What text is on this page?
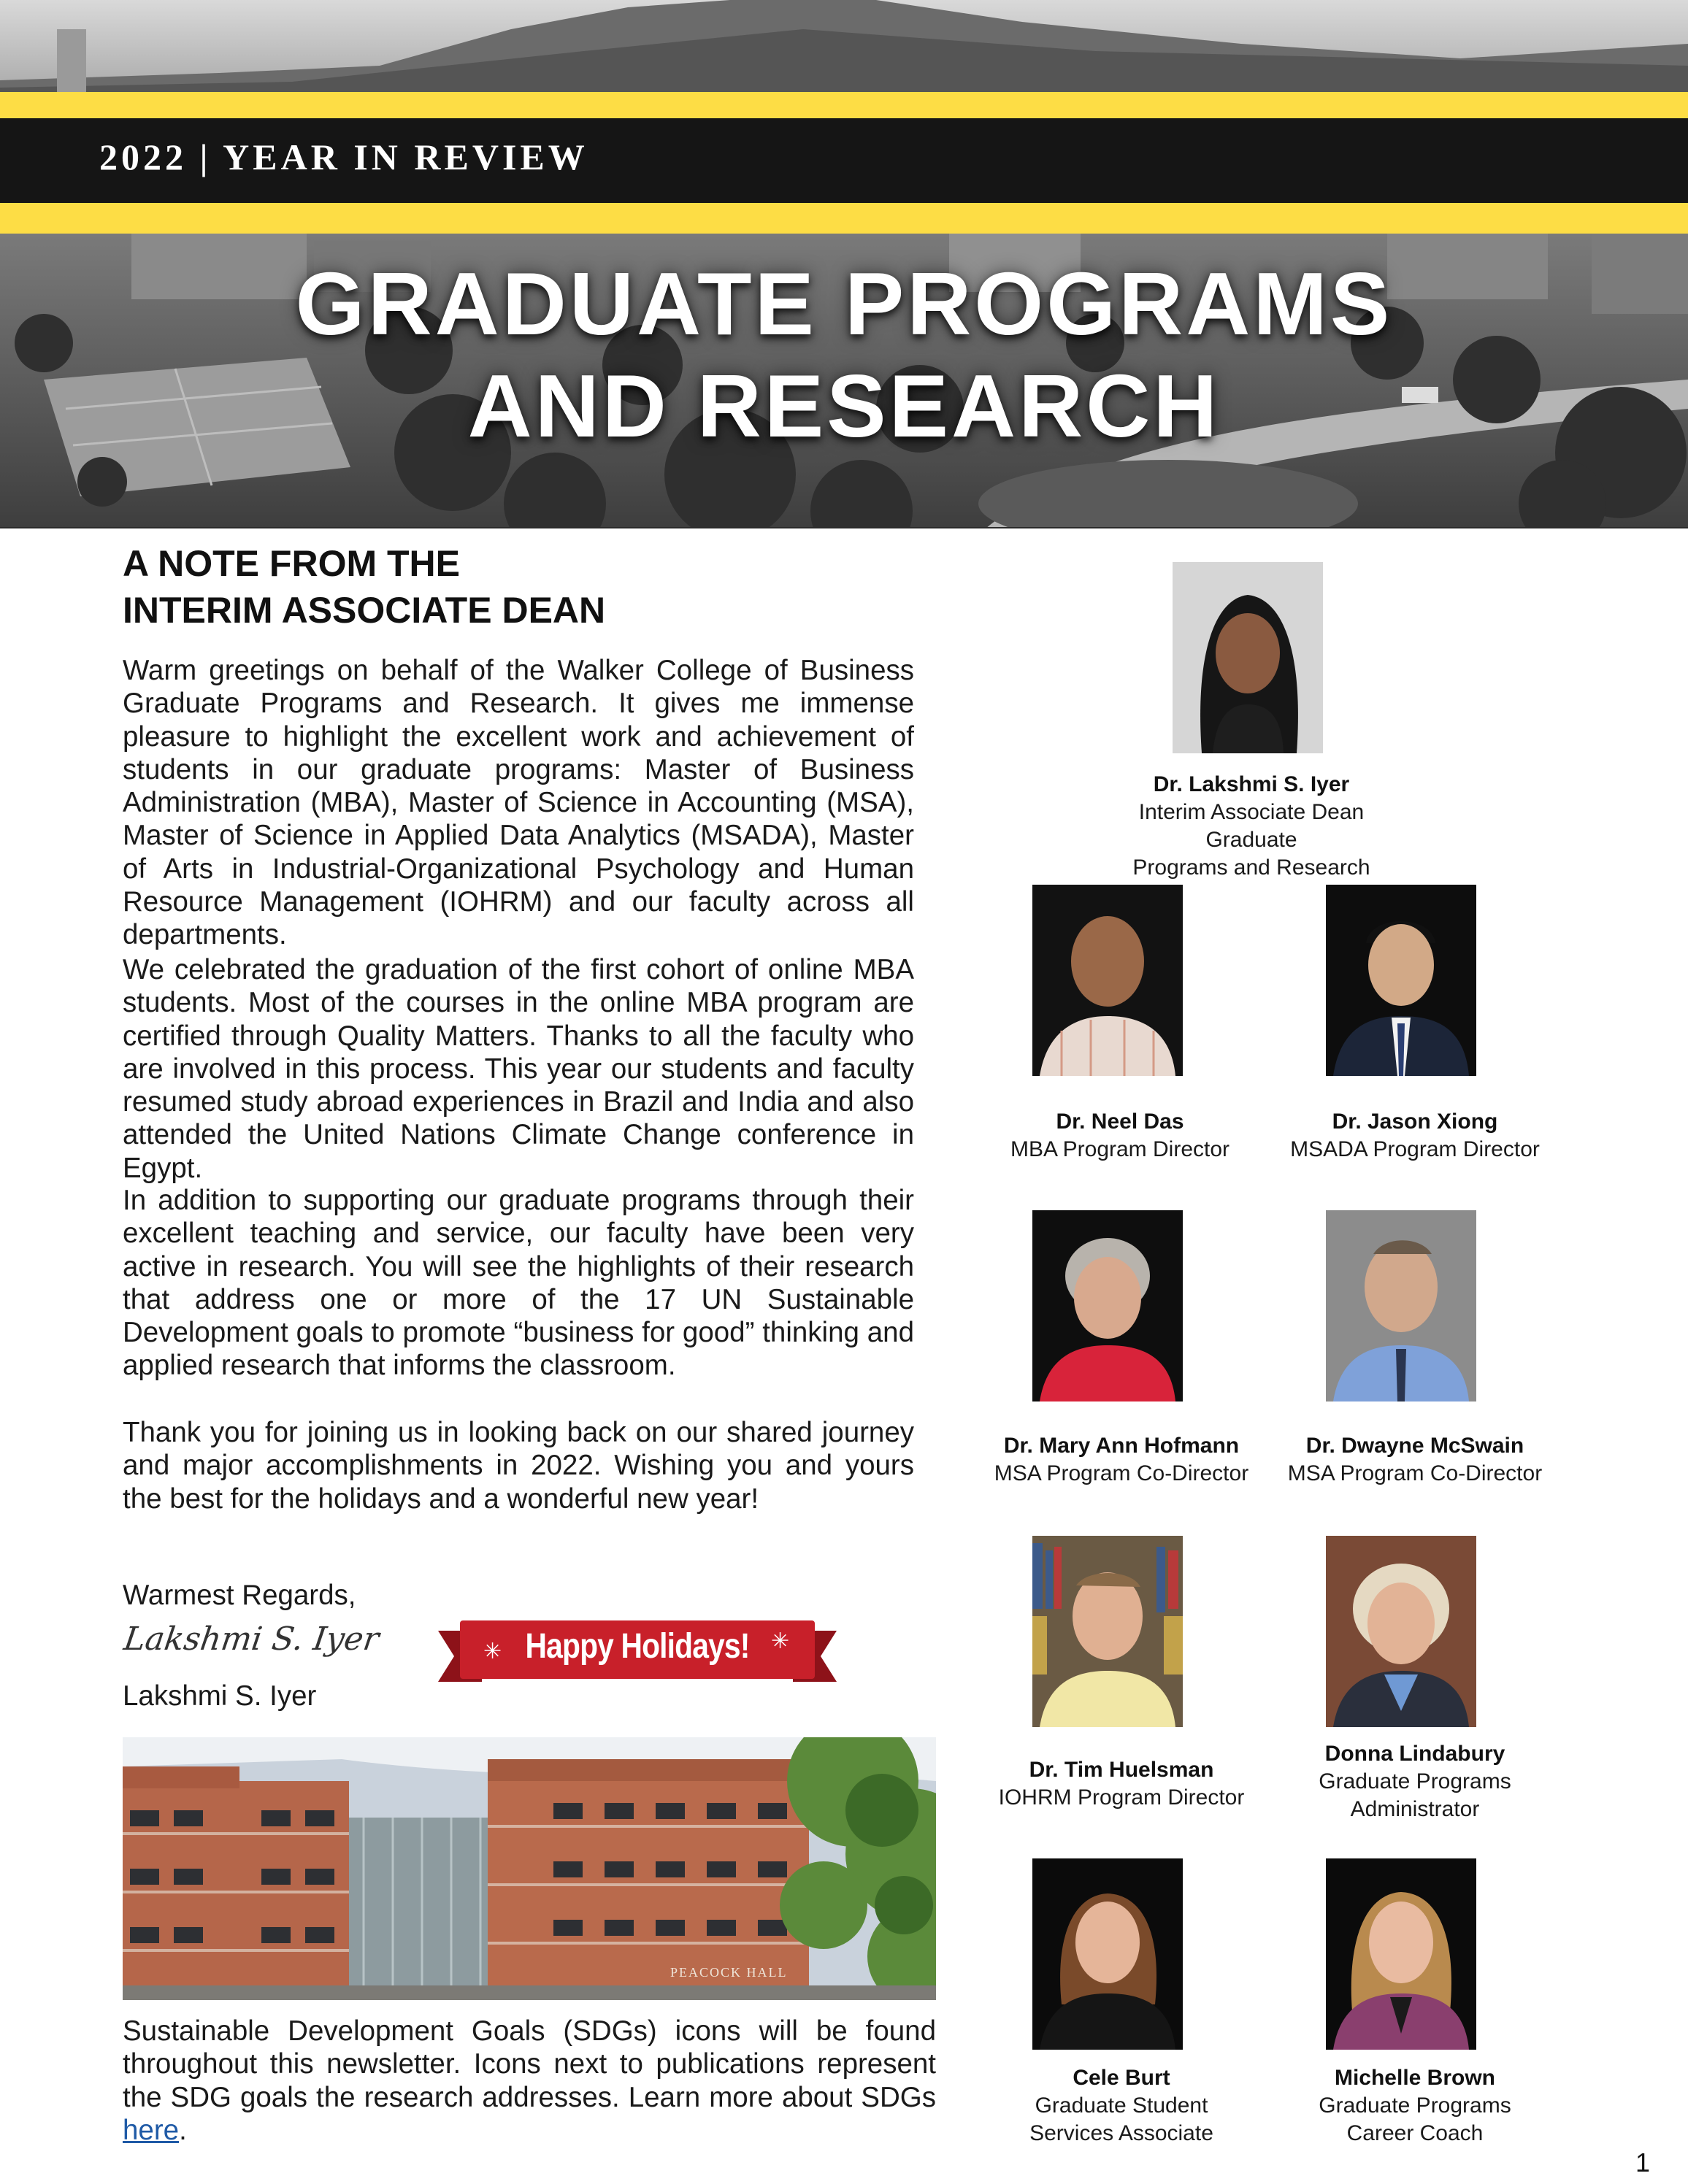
2022 | YEAR IN REVIEW
GRADUATE PROGRAMS
AND RESEARCH
A NOTE FROM THE
INTERIM ASSOCIATE DEAN

Warm greetings on behalf of the Walker College of Business Graduate Programs and Research. It gives me immense pleasure to highlight the excellent work and achievement of students in our graduate programs: Master of Business Administration (MBA), Master of Science in Accounting (MSA), Master of Science in Applied Data Analytics (MSADA), Master of Arts in Industrial-Organizational Psychology and Human Resource Management (IOHRM) and our faculty across all departments.

We celebrated the graduation of the first cohort of online MBA students. Most of the courses in the online MBA program are certified through Quality Matters. Thanks to all the faculty who are involved in this process. This year our students and faculty resumed study abroad experiences in Brazil and India and also attended the United Nations Climate Change conference in Egypt.

In addition to supporting our graduate programs through their excellent teaching and service, our faculty have been very active in research. You will see the highlights of their research that address one or more of the 17 UN Sustainable Development goals to promote “business for good” thinking and applied research that informs the classroom.

Thank you for joining us in looking back on our shared journey and major accomplishments in 2022. Wishing you and yours the best for the holidays and a wonderful new year!

Warmest Regards,
Lakshmi S. Iyer
Lakshmi S. Iyer
✳	✳
Happy Holidays!
PEACOCK HALL

Sustainable Development Goals (SDGs) icons will be found throughout this newsletter. Icons next to publications represent the SDG goals the research addresses. Learn more about SDGs here.

Dr. Lakshmi S. Iyer
Interim Associate Dean Graduate
Programs and Research
Dr. Neel Das
MBA Program Director
Dr. Jason Xiong
MSADA Program Director
Dr. Mary Ann Hofmann
MSA Program Co-Director
Dr. Dwayne McSwain
MSA Program Co-Director
Dr. Tim Huelsman
IOHRM Program Director
Donna Lindabury
Graduate Programs
Administrator
Cele Burt
Graduate Student
Services Associate
Michelle Brown
Graduate Programs
Career Coach
1
